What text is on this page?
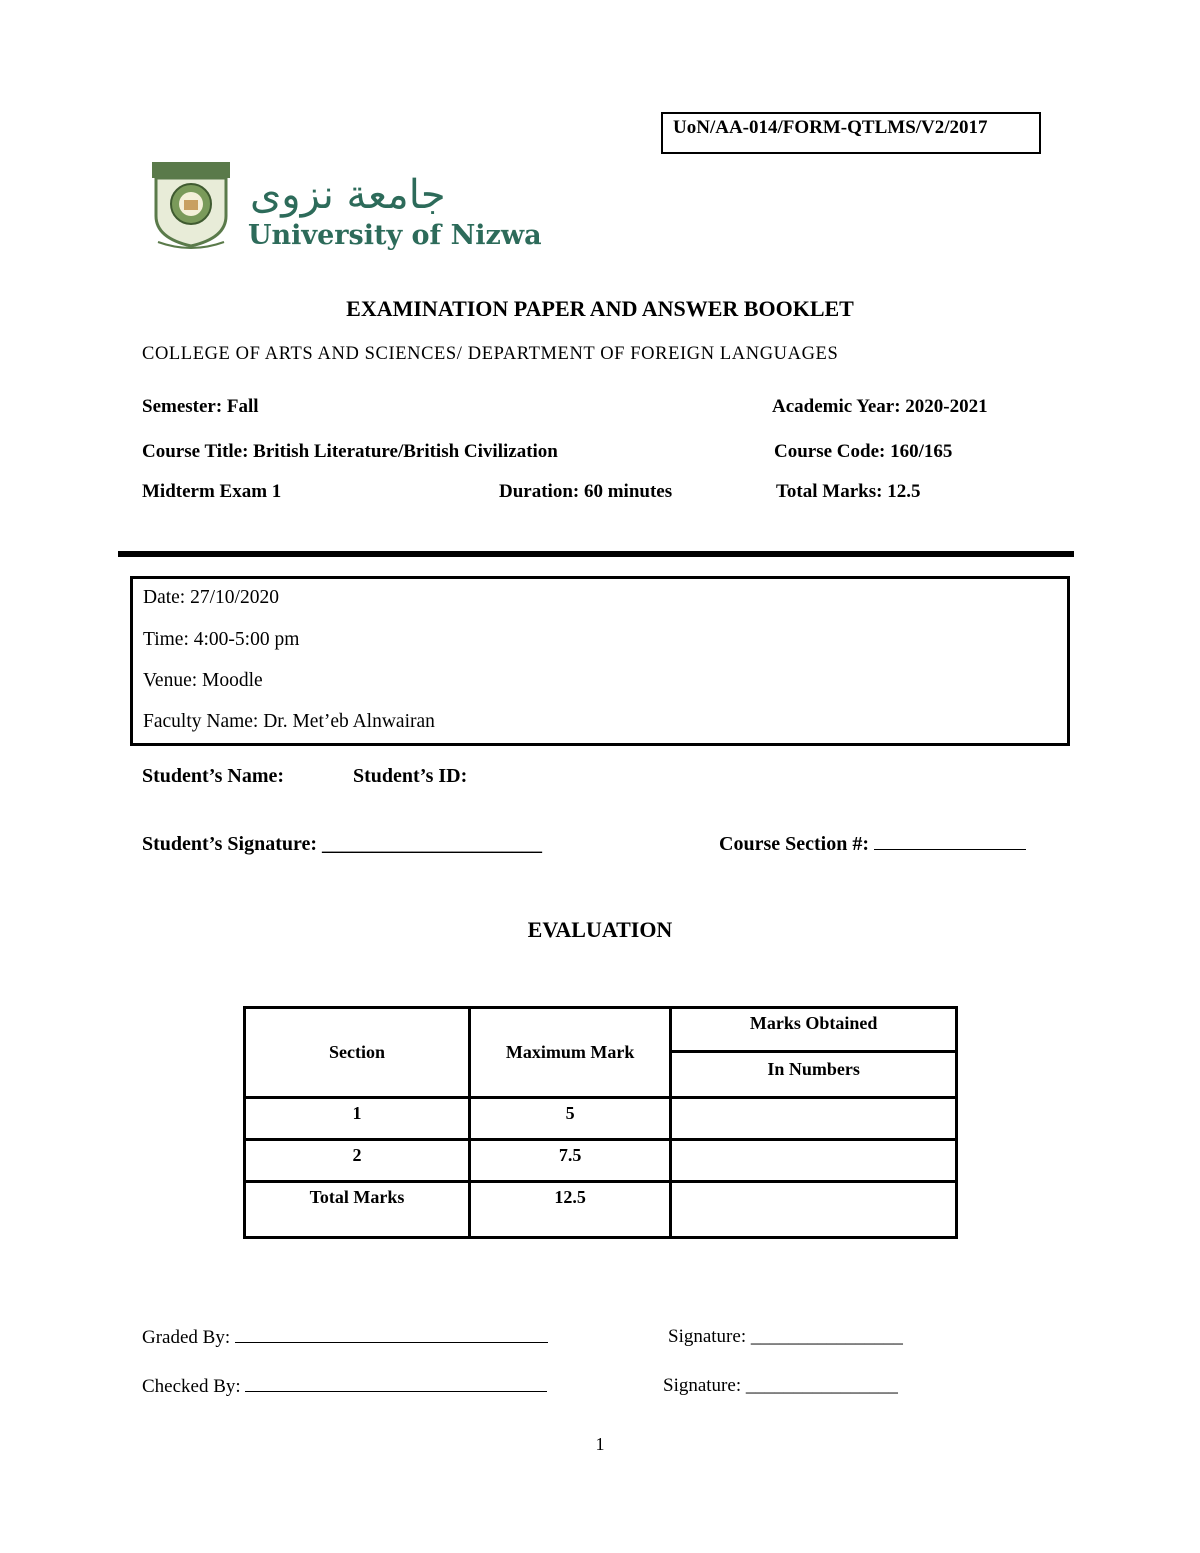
UoN/AA-014/FORM-QTLMS/V2/2017
جامعة نزوى
University of Nizwa
EXAMINATION PAPER AND ANSWER BOOKLET
COLLEGE OF ARTS AND SCIENCES/ DEPARTMENT OF FOREIGN LANGUAGES
Semester: Fall	Academic Year: 2020-2021
Course Title: British Literature/British Civilization	Course Code: 160/165
Midterm Exam 1	Duration: 60 minutes	Total Marks: 12.5
Date: 27/10/2020
Time: 4:00-5:00 pm
Venue: Moodle
Faculty Name: Dr. Met’eb Alnwairan
Student’s Name:	Student’s ID:
Student’s Signature: ______________________	Course Section #:
EVALUATION
Section	Maximum Mark	Marks Obtained
		In Numbers
1	5	
2	7.5	
Total Marks	12.5	
Graded By:	Signature: ________________
Checked By:	Signature: ________________
1
